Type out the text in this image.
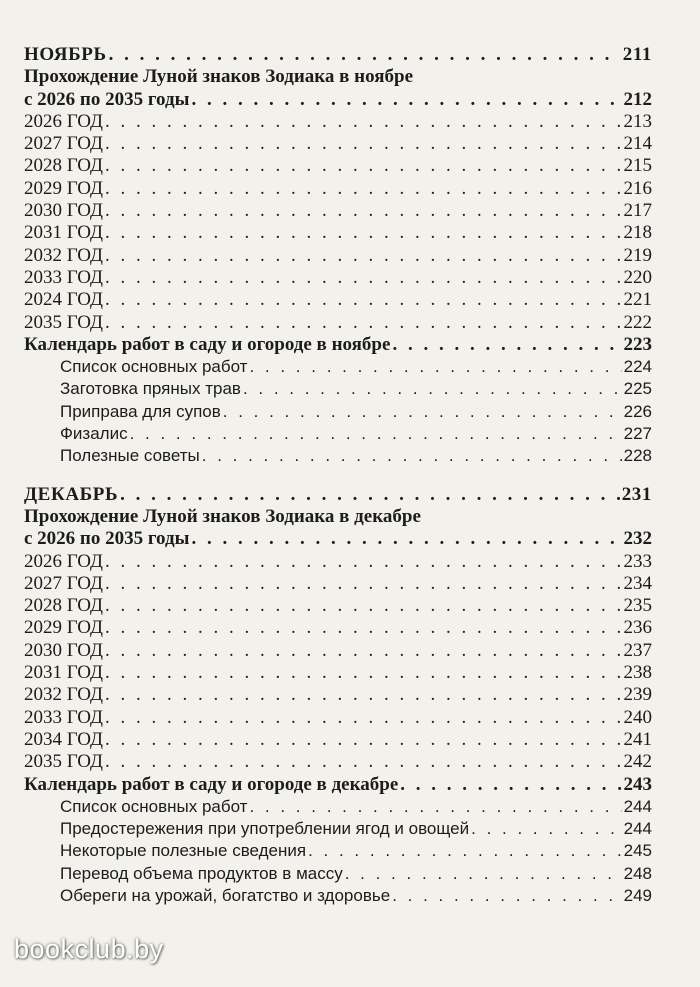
НОЯБРЬ . . .	211
Прохождение Луной знаков Зодиака в ноябре
с 2026 по 2035 годы . . .	212
2026 ГОД . . .	213
2027 ГОД . . .	214
2028 ГОД . . .	215
2029 ГОД . . .	216
2030 ГОД . . .	217
2031 ГОД . . .	218
2032 ГОД . . .	219
2033 ГОД . . .	220
2024 ГОД . . .	221
2035 ГОД . . .	222
Календарь работ в саду и огороде в ноябре . . .	223
Список основных работ . . .	224
Заготовка пряных трав . . .	225
Приправа для супов . . .	226
Физалис . . .	227
Полезные советы . . .	228
ДЕКАБРЬ . . .	231
Прохождение Луной знаков Зодиака в декабре
с 2026 по 2035 годы . . .	232
2026 ГОД . . .	233
2027 ГОД . . .	234
2028 ГОД . . .	235
2029 ГОД . . .	236
2030 ГОД . . .	237
2031 ГОД . . .	238
2032 ГОД . . .	239
2033 ГОД . . .	240
2034 ГОД . . .	241
2035 ГОД . . .	242
Календарь работ в саду и огороде в декабре . . .	243
Список основных работ . . .	244
Предостережения при употреблении ягод и овощей . . .	244
Некоторые полезные сведения . . .	245
Перевод объема продуктов в массу . . .	248
Обереги на урожай, богатство и здоровье . . .	249
bookclub.by
